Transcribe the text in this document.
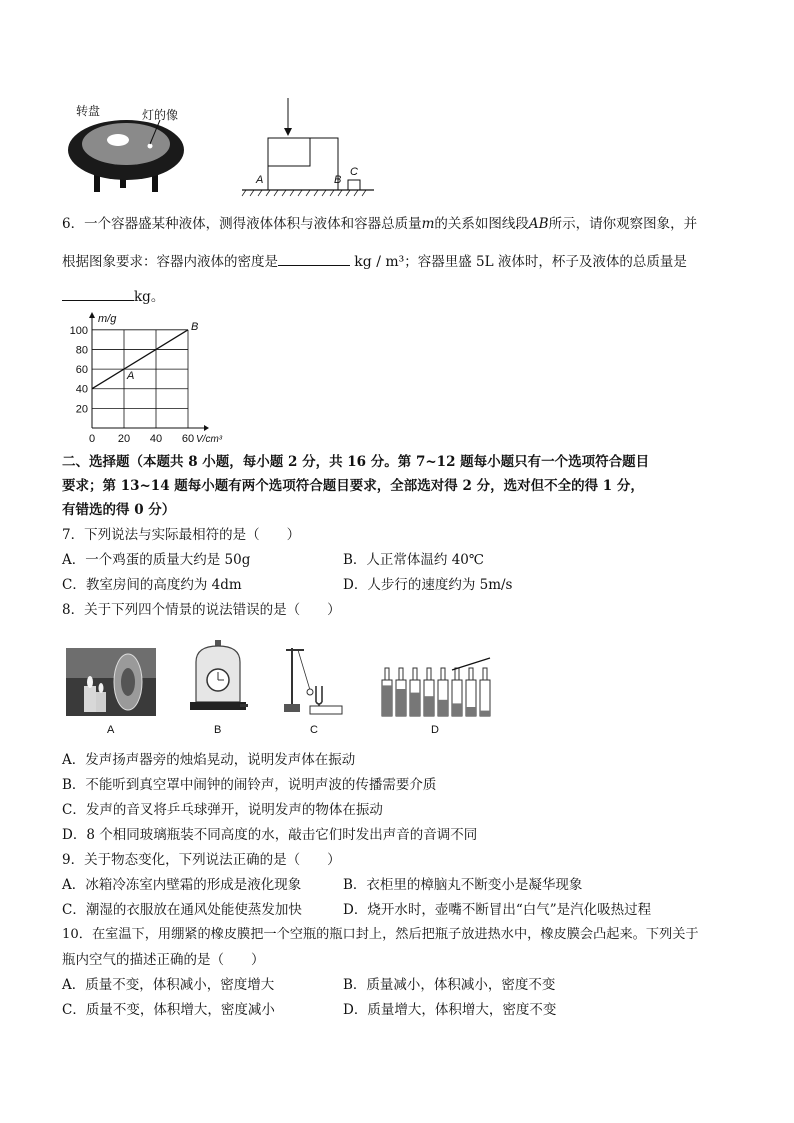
转盘	灯的像
A	B
C
6．一个容器盛某种液体，测得液体体积与液体和容器总质量m的关系如图线段AB所示，请你观察图象，并
根据图象要求：容器内液体的密度是	kg / m³；容器里盛 5L 液体时，杯子及液体的总质量是
kg。
20
40
60
80
100
0 20 40 60
A
B
m/g
V/cm³
二、选择题（本题共 8 小题，每小题 2 分，共 16 分。第 7~12 题每小题只有一个选项符合题目
要求；第 13~14 题每小题有两个选项符合题目要求，全部选对得 2 分，选对但不全的得 1 分，
有错选的得 0 分）
7．下列说法与实际最相符的是（　　）
A．一个鸡蛋的质量大约是 50g	B．人正常体温约 40℃
C．教室房间的高度约为 4dm	D．人步行的速度约为 5m/s
8．关于下列四个情景的说法错误的是（　　）
A	B	C	D
A．发声扬声器旁的烛焰晃动，说明发声体在振动
B．不能听到真空罩中闹钟的闹铃声，说明声波的传播需要介质
C．发声的音叉将乒乓球弹开，说明发声的物体在振动
D．8 个相同玻璃瓶装不同高度的水，敲击它们时发出声音的音调不同
9．关于物态变化，下列说法正确的是（　　）
A．冰箱冷冻室内壁霜的形成是液化现象	B．衣柜里的樟脑丸不断变小是凝华现象
C．潮湿的衣服放在通风处能使蒸发加快	D．烧开水时，壶嘴不断冒出“白气”是汽化吸热过程
10．在室温下，用绷紧的橡皮膜把一个空瓶的瓶口封上，然后把瓶子放进热水中，橡皮膜会凸起来。下列关于
瓶内空气的描述正确的是（　　）
A．质量不变，体积减小，密度增大	B．质量减小，体积减小，密度不变
C．质量不变，体积增大，密度减小	D．质量增大，体积增大，密度不变
